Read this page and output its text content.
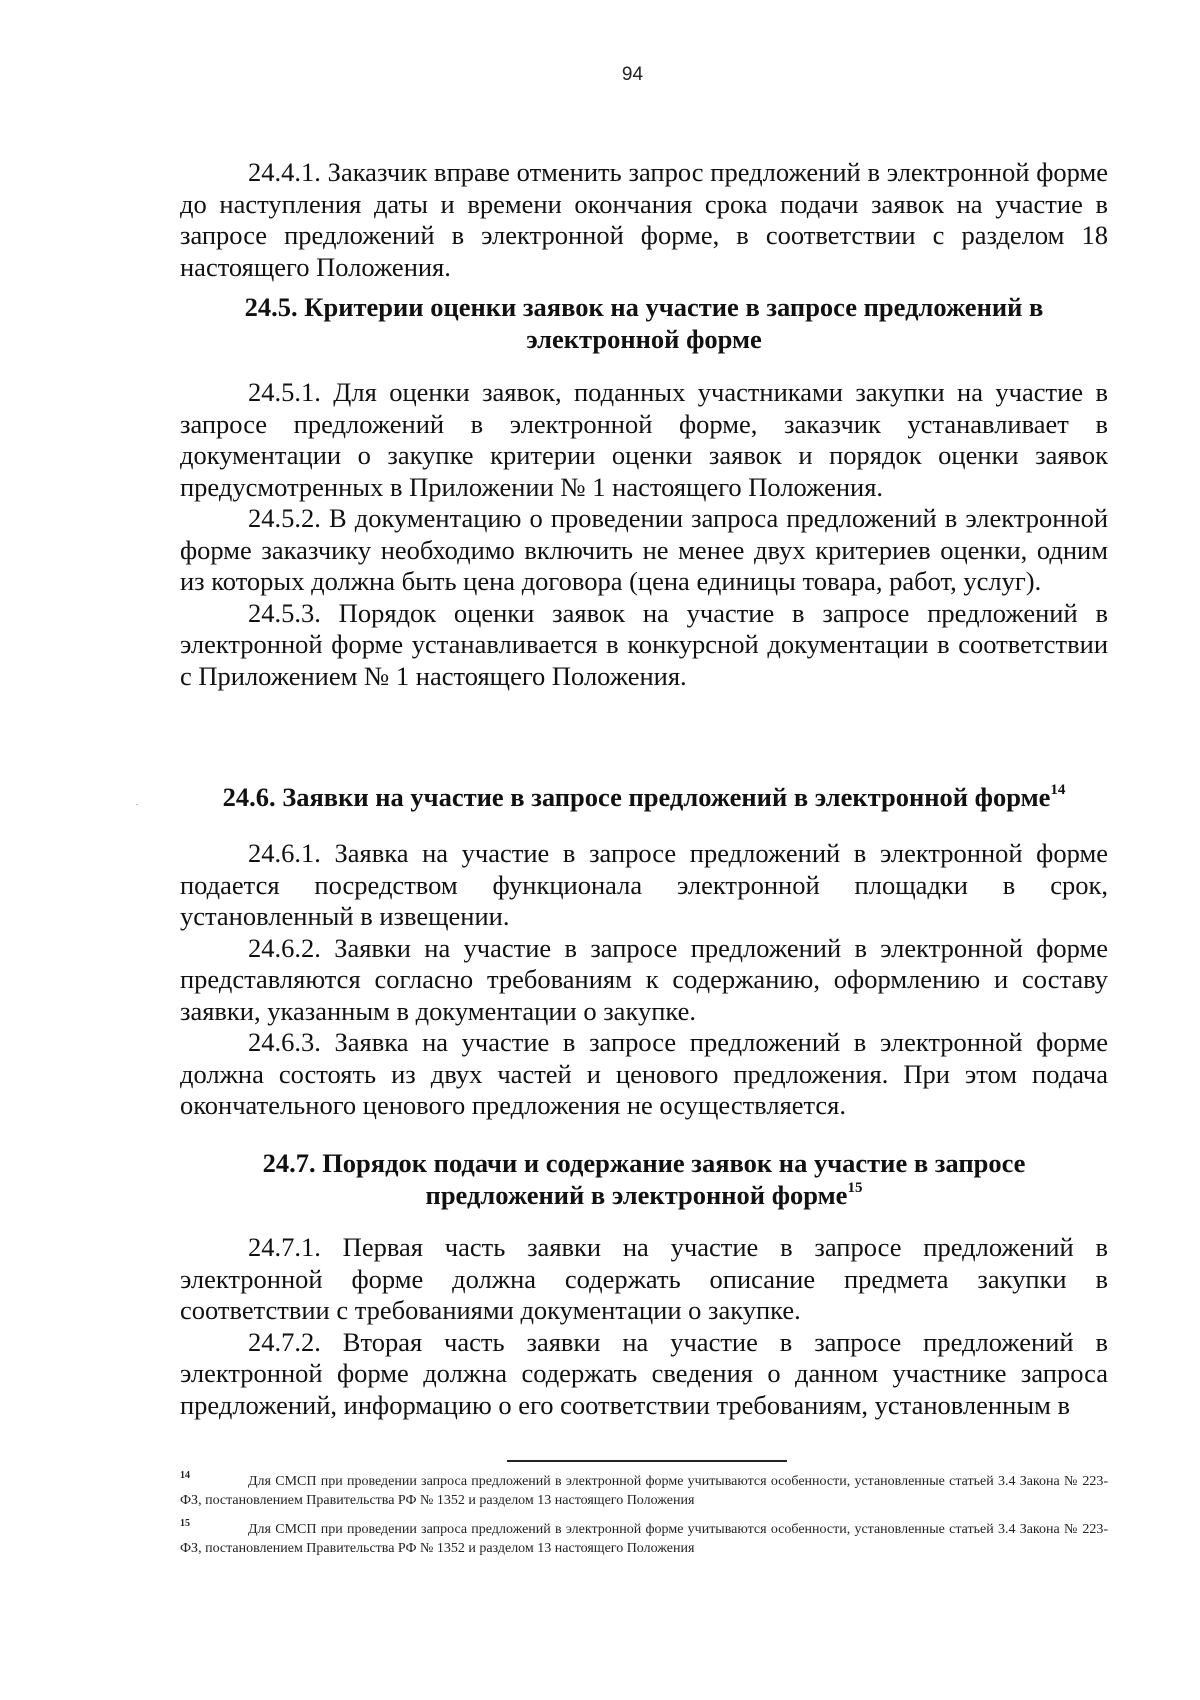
94

24.4.1. Заказчик вправе отменить запрос предложений в электронной форме до наступления даты и времени окончания срока подачи заявок на участие в запросе предложений в электронной форме, в соответствии с разделом 18 настоящего Положения.

24.5. Критерии оценки заявок на участие в запросе предложений в

электронной форме

24.5.1. Для оценки заявок, поданных участниками закупки на участие в запросе предложений в электронной форме, заказчик устанавливает в документации о закупке критерии оценки заявок и порядок оценки заявок предусмотренных в Приложении № 1 настоящего Положения.

24.5.2. В документацию о проведении запроса предложений в электронной форме заказчику необходимо включить не менее двух критериев оценки, одним из которых должна быть цена договора (цена единицы товара, работ, услуг).

24.5.3. Порядок оценки заявок на участие в запросе предложений в электронной форме устанавливается в конкурсной документации в соответствии с Приложением № 1 настоящего Положения.

24.6. Заявки на участие в запросе предложений в электронной форме$^{14}$

24.6.1. Заявка на участие в запросе предложений в электронной форме подается посредством функционала электронной площадки в срок, установленный в извещении.

24.6.2. Заявки на участие в запросе предложений в электронной форме представляются согласно требованиям к содержанию, оформлению и составу заявки, указанным в документации о закупке.

24.6.3. Заявка на участие в запросе предложений в электронной форме должна состоять из двух частей и ценового предложения. При этом подача окончательного ценового предложения не осуществляется.

24.7. Порядок подачи и содержание заявок на участие в запросе

предложений в электронной форме$^{15}$

24.7.1. Первая часть заявки на участие в запросе предложений в электронной форме должна содержать описание предмета закупки в соответствии с требованиями документации о закупке.

24.7.2. Вторая часть заявки на участие в запросе предложений в электронной форме должна содержать сведения о данном участнике запроса предложений, информацию о его соответствии требованиям, установленным в

14	Для СМСП при проведении запроса предложений в электронной форме учитываются особенности, установленные статьей 3.4 Закона № 223-ФЗ, постановлением Правительства РФ № 1352 и разделом 13 настоящего Положения
15	Для СМСП при проведении запроса предложений в электронной форме учитываются особенности, установленные статьей 3.4 Закона № 223-ФЗ, постановлением Правительства РФ № 1352 и разделом 13 настоящего Положения
